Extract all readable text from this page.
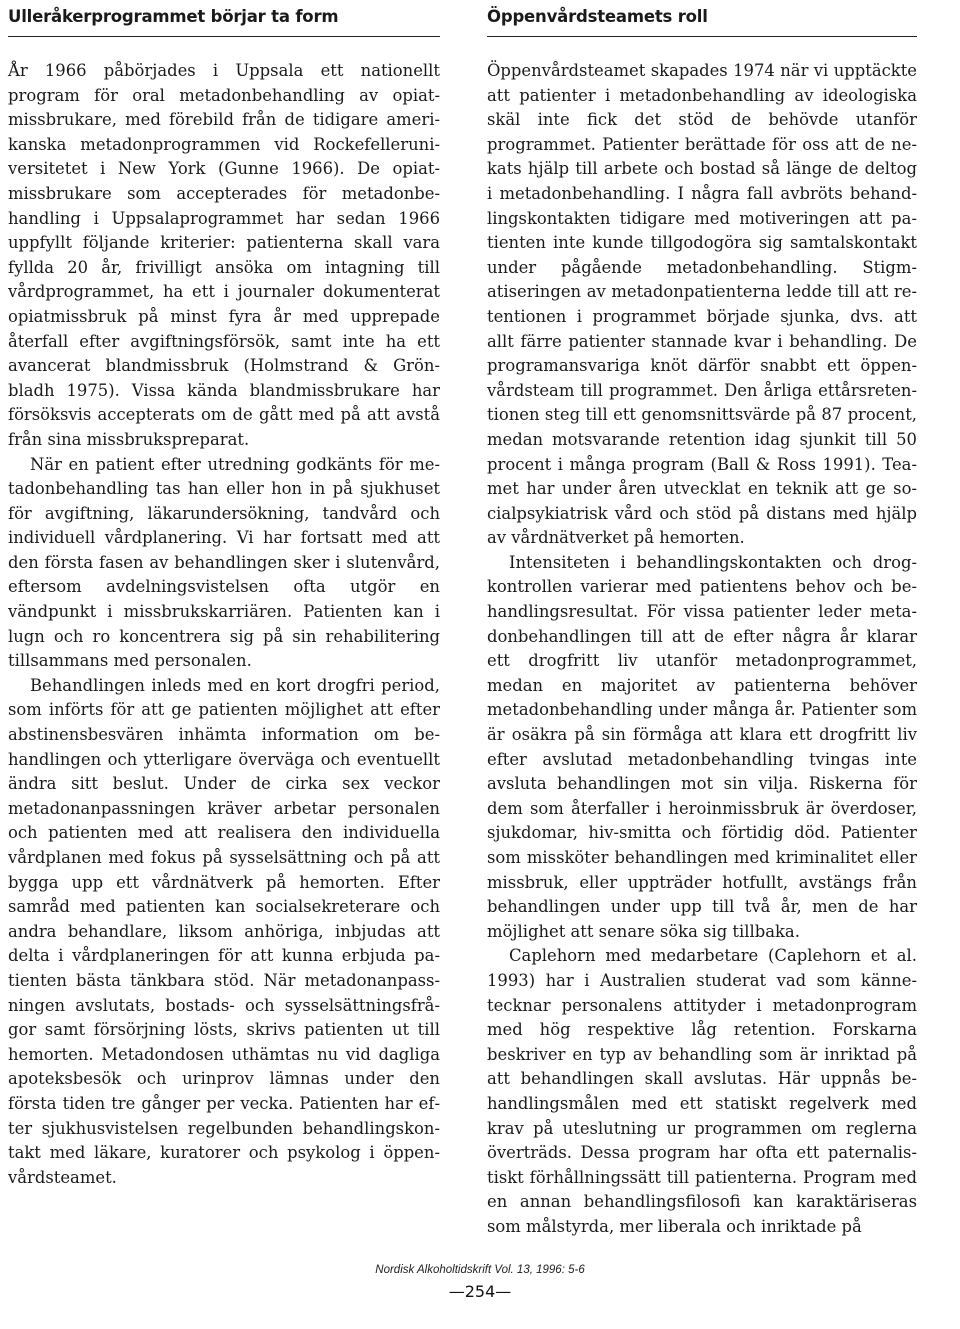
Ulleråkerprogrammet börjar ta form

År 1966 påbörjades i Uppsala ett nationellt program för oral metadonbehandling av opiatmissbrukare, med förebild från de tidigare amerikanska metadonprogrammen vid Rockefelleruniversitetet i New York (Gunne 1966). De opiatmissbrukare som accepterades för metadonbehandling i Uppsalaprogrammet har sedan 1966 uppfyllt följande kriterier: patienterna skall vara fyllda 20 år, frivilligt ansöka om intagning till vårdprogrammet, ha ett i journaler dokumenterat opiatmissbruk på minst fyra år med upprepade återfall efter avgiftningsförsök, samt inte ha ett avancerat blandmissbruk (Holmstrand & Grönbladh 1975). Vissa kända blandmissbrukare har försöksvis accepterats om de gått med på att avstå från sina missbrukspreparat.

När en patient efter utredning godkänts för metadonbehandling tas han eller hon in på sjukhuset för avgiftning, läkarundersökning, tandvård och individuell vårdplanering. Vi har fortsatt med att den första fasen av behandlingen sker i slutenvård, eftersom avdelningsvistelsen ofta utgör en vändpunkt i missbrukskarriären. Patienten kan i lugn och ro koncentrera sig på sin rehabilitering tillsammans med personalen.

Behandlingen inleds med en kort drogfri period, som införts för att ge patienten möjlighet att efter abstinensbesvären inhämta information om behandlingen och ytterligare överväga och eventuellt ändra sitt beslut. Under de cirka sex veckor metadonanpassningen kräver arbetar personalen och patienten med att realisera den individuella vårdplanen med fokus på sysselsättning och på att bygga upp ett vårdnätverk på hemorten. Efter samråd med patienten kan socialsekreterare och andra behandlare, liksom anhöriga, inbjudas att delta i vårdplaneringen för att kunna erbjuda patienten bästa tänkbara stöd. När metadonanpassningen avslutats, bostads- och sysselsättningsfrågor samt försörjning lösts, skrivs patienten ut till hemorten. Metadondosen uthämtas nu vid dagliga apoteksbesök och urinprov lämnas under den första tiden tre gånger per vecka. Patienten har efter sjukhusvistelsen regelbunden behandlingskontakt med läkare, kuratorer och psykolog i öppenvårdsteamet.

Öppenvårdsteamets roll

Öppenvårdsteamet skapades 1974 när vi upptäckte att patienter i metadonbehandling av ideologiska skäl inte fick det stöd de behövde utanför programmet. Patienter berättade för oss att de nekats hjälp till arbete och bostad så länge de deltog i metadonbehandling. I några fall avbröts behandlingskontakten tidigare med motiveringen att patienten inte kunde tillgodogöra sig samtalskontakt under pågående metadonbehandling. Stigmatiseringen av metadonpatienterna ledde till att retentionen i programmet började sjunka, dvs. att allt färre patienter stannade kvar i behandling. De programansvariga knöt därför snabbt ett öppenvårdsteam till programmet. Den årliga ettårsretentionen steg till ett genomsnittsvärde på 87 procent, medan motsvarande retention idag sjunkit till 50 procent i många program (Ball & Ross 1991). Teamet har under åren utvecklat en teknik att ge socialpsykiatrisk vård och stöd på distans med hjälp av vårdnätverket på hemorten.

Intensiteten i behandlingskontakten och drogkontrollen varierar med patientens behov och behandlingsresultat. För vissa patienter leder metadonbehandlingen till att de efter några år klarar ett drogfritt liv utanför metadonprogrammet, medan en majoritet av patienterna behöver metadonbehandling under många år. Patienter som är osäkra på sin förmåga att klara ett drogfritt liv efter avslutad metadonbehandling tvingas inte avsluta behandlingen mot sin vilja. Riskerna för dem som återfaller i heroinmissbruk är överdoser, sjukdomar, hiv-smitta och förtidig död. Patienter som missköter behandlingen med kriminalitet eller missbruk, eller uppträder hotfullt, avstängs från behandlingen under upp till två år, men de har möjlighet att senare söka sig tillbaka.

Caplehorn med medarbetare (Caplehorn et al. 1993) har i Australien studerat vad som kännetecknar personalens attityder i metadonprogram med hög respektive låg retention. Forskarna beskriver en typ av behandling som är inriktad på att behandlingen skall avslutas. Här uppnås behandlingsmålen med ett statiskt regelverk med krav på uteslutning ur programmen om reglerna överträds. Dessa program har ofta ett paternalistiskt förhållningssätt till patienterna. Program med en annan behandlingsfilosofi kan karaktäriseras som målstyrda, mer liberala och inriktade på

Nordisk Alkoholtidskrift Vol. 13, 1996: 5-6
—254—
